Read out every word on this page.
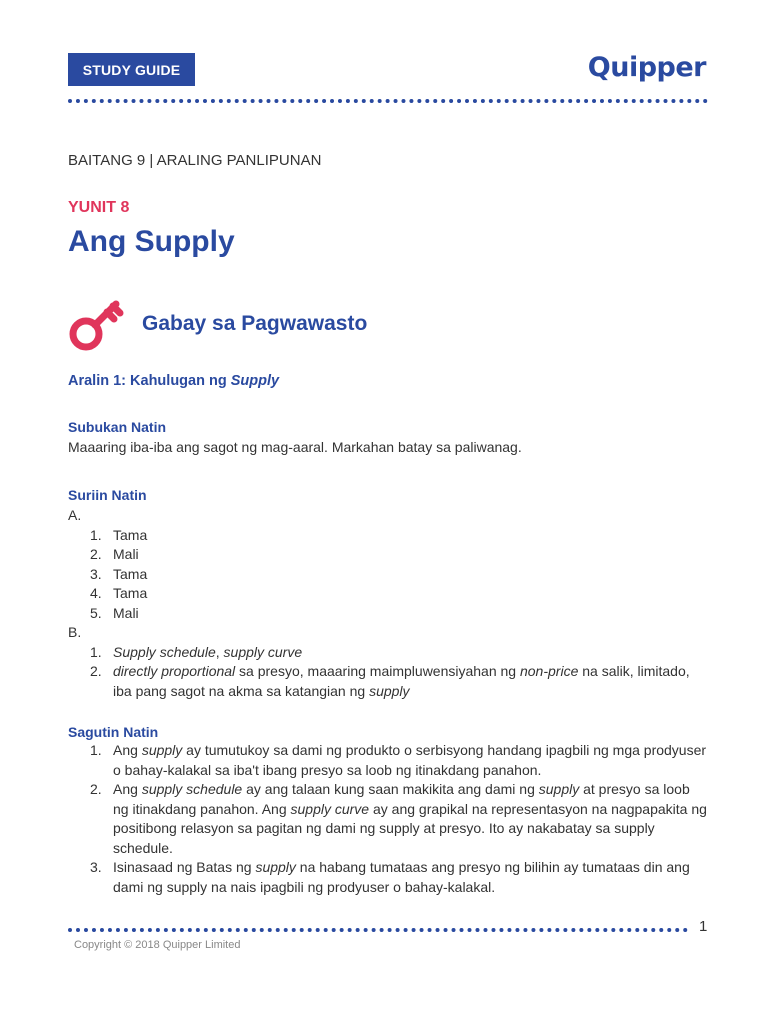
STUDY GUIDE	Quipper
BAITANG 9 | ARALING PANLIPUNAN
YUNIT 8
Ang Supply
Gabay sa Pagwawasto
Aralin 1: Kahulugan ng Supply
Subukan Natin
Maaaring iba-iba ang sagot ng mag-aaral. Markahan batay sa paliwanag.
Suriin Natin
A.
1. Tama
2. Mali
3. Tama
4. Tama
5. Mali
B.
1. Supply schedule, supply curve
2. directly proportional sa presyo, maaaring maimpluwensiyahan ng non-price na salik, limitado, iba pang sagot na akma sa katangian ng supply
Sagutin Natin
1. Ang supply ay tumutukoy sa dami ng produkto o serbisyong handang ipagbili ng mga prodyuser o bahay-kalakal sa iba't ibang presyo sa loob ng itinakdang panahon.
2. Ang supply schedule ay ang talaan kung saan makikita ang dami ng supply at presyo sa loob ng itinakdang panahon. Ang supply curve ay ang grapikal na representasyon na nagpapakita ng positibong relasyon sa pagitan ng dami ng supply at presyo. Ito ay nakabatay sa supply schedule.
3. Isinasaad ng Batas ng supply na habang tumataas ang presyo ng bilihin ay tumataas din ang dami ng supply na nais ipagbili ng prodyuser o bahay-kalakal.
1
Copyright © 2018 Quipper Limited
